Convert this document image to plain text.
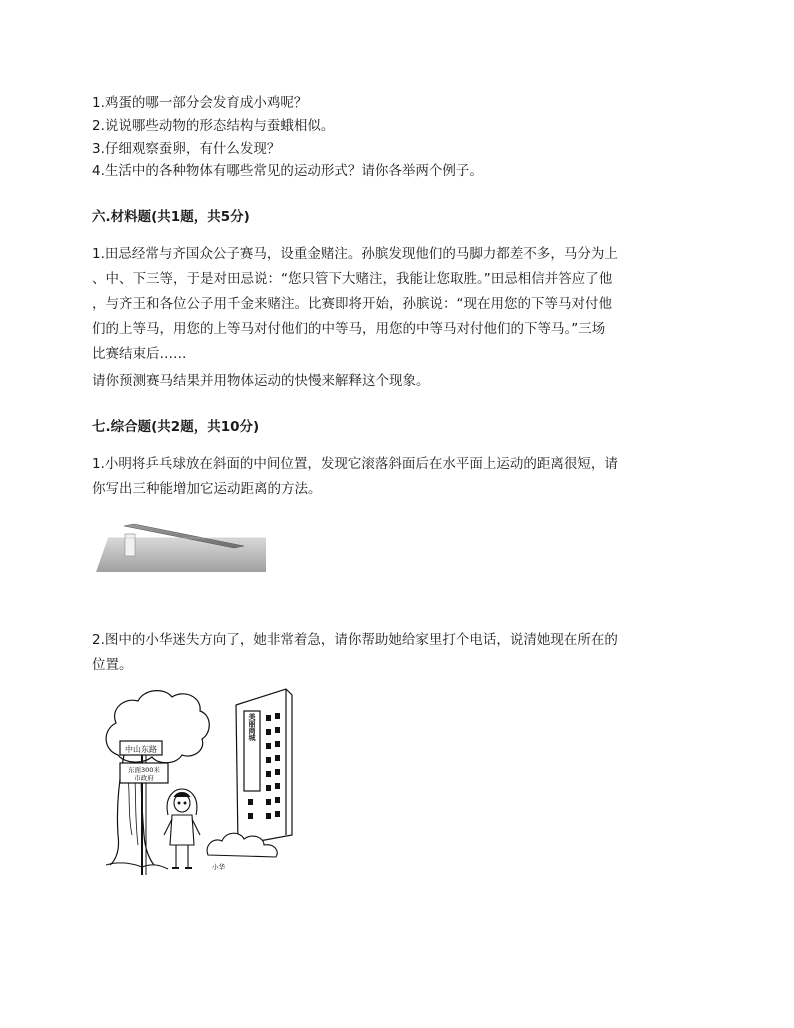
1.鸡蛋的哪一部分会发育成小鸡呢？
2.说说哪些动物的形态结构与蚕蛾相似。
3.仔细观察蚕卵，有什么发现？
4.生活中的各种物体有哪些常见的运动形式？请你各举两个例子。
六.材料题(共1题，共5分)
1.田忌经常与齐国众公子赛马，设重金赌注。孙膑发现他们的马脚力都差不多，马分为上
、中、下三等，于是对田忌说：“您只管下大赌注，我能让您取胜。”田忌相信并答应了他
，与齐王和各位公子用千金来赌注。比赛即将开始，孙膑说：“现在用您的下等马对付他
们的上等马，用您的上等马对付他们的中等马，用您的中等马对付他们的下等马。”三场
比赛结束后……
请你预测赛马结果并用物体运动的快慢来解释这个现象。
七.综合题(共2题，共10分)
1.小明将乒乓球放在斜面的中间位置，发现它滚落斜面后在水平面上运动的距离很短，请
你写出三种能增加它运动距离的方法。
2.图中的小华迷失方向了，她非常着急，请你帮助她给家里打个电话，说清她现在所在的
位置。
中山东路
东面300米
市政府
美丽商城
小华
